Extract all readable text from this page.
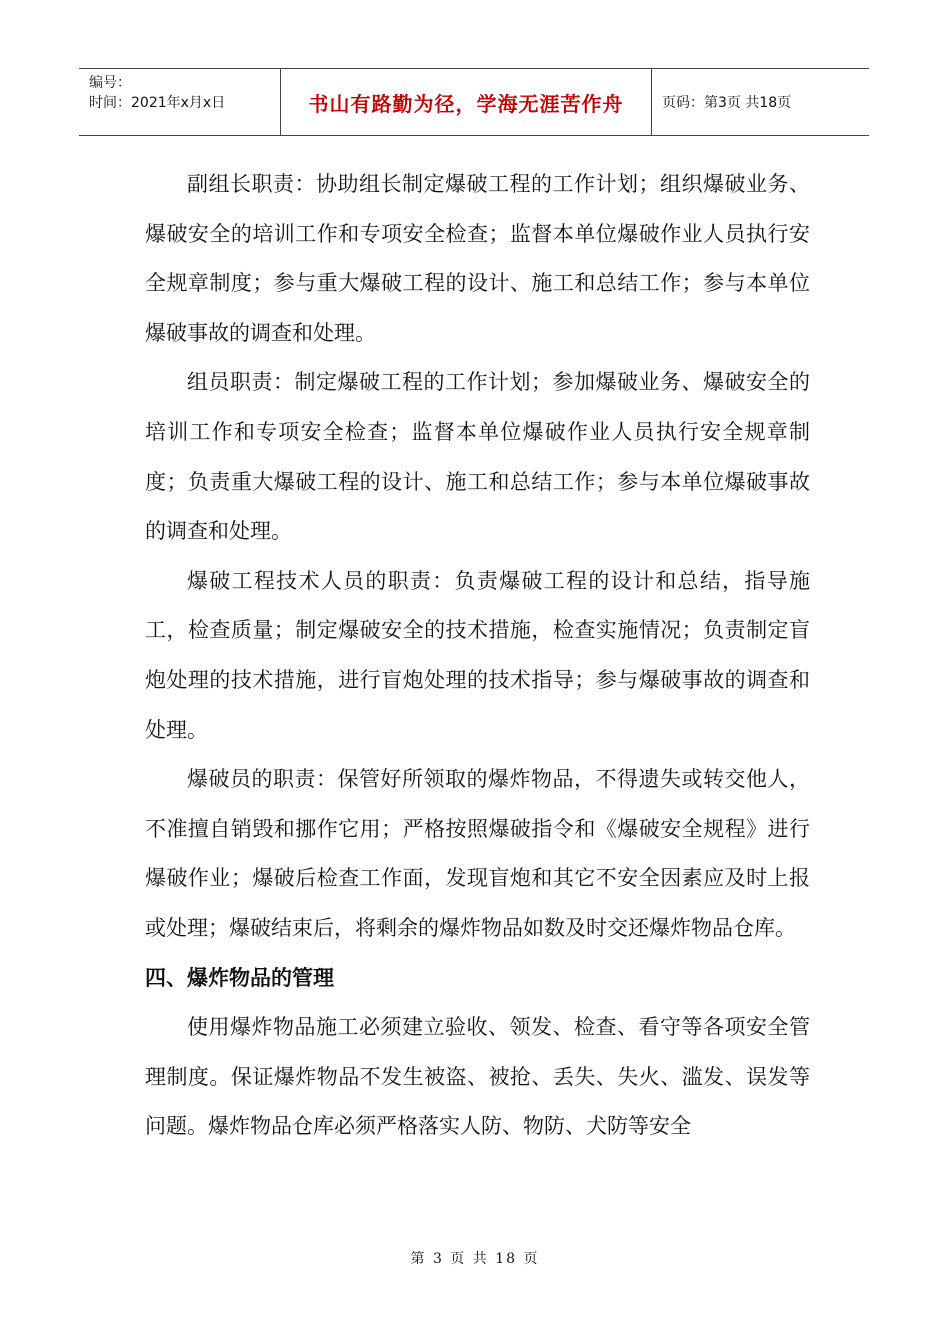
编号：
时间：2021年x月x日	书山有路勤为径，学海无涯苦作舟	页码：第3页 共18页

副组长职责：协助组长制定爆破工程的工作计划；组织爆破业务、爆破安全的培训工作和专项安全检查；监督本单位爆破作业人员执行安全规章制度；参与重大爆破工程的设计、施工和总结工作；参与本单位爆破事故的调查和处理。

组员职责：制定爆破工程的工作计划；参加爆破业务、爆破安全的培训工作和专项安全检查；监督本单位爆破作业人员执行安全规章制度；负责重大爆破工程的设计、施工和总结工作；参与本单位爆破事故的调查和处理。

爆破工程技术人员的职责：负责爆破工程的设计和总结，指导施工，检查质量；制定爆破安全的技术措施，检查实施情况；负责制定盲炮处理的技术措施，进行盲炮处理的技术指导；参与爆破事故的调查和处理。

爆破员的职责：保管好所领取的爆炸物品，不得遗失或转交他人，不准擅自销毁和挪作它用；严格按照爆破指令和《爆破安全规程》进行爆破作业；爆破后检查工作面，发现盲炮和其它不安全因素应及时上报或处理；爆破结束后，将剩余的爆炸物品如数及时交还爆炸物品仓库。

四、爆炸物品的管理

使用爆炸物品施工必须建立验收、领发、检查、看守等各项安全管理制度。保证爆炸物品不发生被盗、被抢、丢失、失火、滥发、误发等问题。爆炸物品仓库必须严格落实人防、物防、犬防等安全

第 3 页 共 18 页
